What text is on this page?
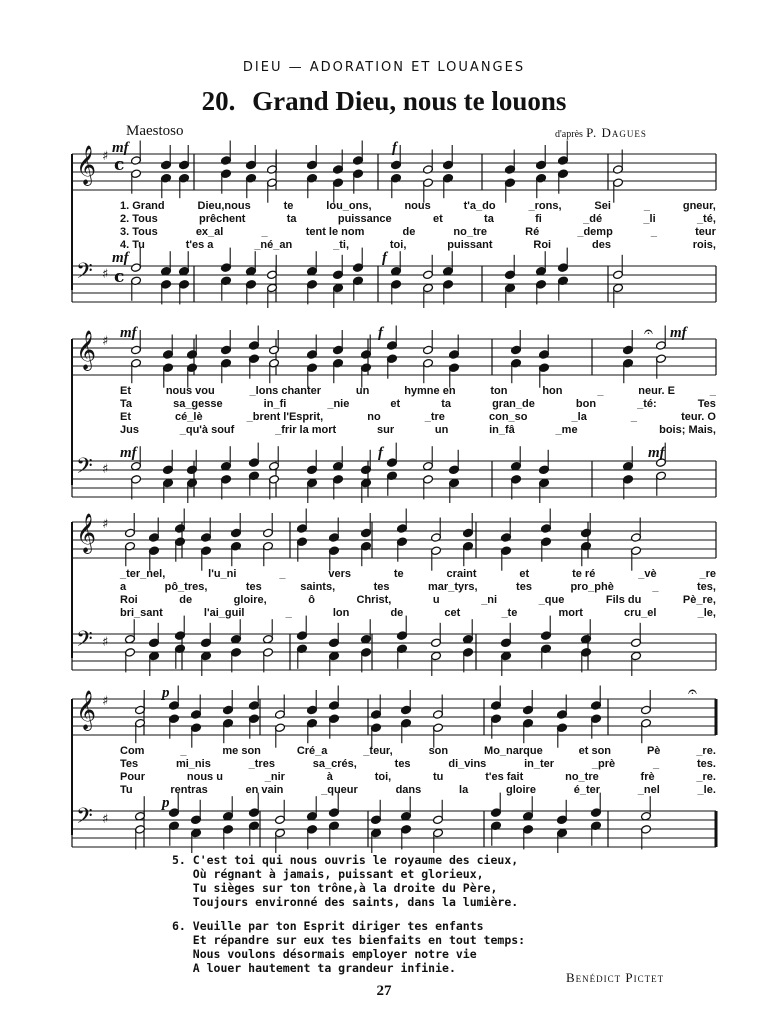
DIEU — ADORATION ET LOUANGES
20. Grand Dieu, nous te louons
Maestoso	d'après P. Dagues
𝄞 ♯ c
𝄢 ♯ c
mf	f
mf	f
1. Grand	Dieu,nous	te	lou_ons,	nous	t'a_do	_rons,	Sei	_	gneur,
2. Tous	prêchent	ta	puissance	et	ta	fi	_dé	_li	_té,
3. Tous	ex_al	_	tent le nom	de	no_tre	Ré	_demp	_	teur
4. Tu	t'es a	_né_an	_ti,	toi,	puissant	Roi	des	rois,
𝄞 ♯
𝄢 ♯
mf	f	mf
mf	f	mf
𝄐
Et	nous vou	_lons chanter	un	hymne en	ton	hon	_	neur. E	_
Ta	sa_gesse	in_fi	_nie	et	ta	gran_de	bon	_té:	Tes
Et	cé_lè	_brent l'Esprit,	no	_tre	con_so	_la	_	teur. O
Jus	_qu'à souf	_frir la mort	sur	un	in_fâ	_me	bois; Mais,
𝄞 ♯
𝄢 ♯
_ter_nel,	l'u_ni	_	vers	te	craint	et	te ré	_vè	_re
a	pô_tres,	tes	saints,	tes	mar_tyrs,	tes	pro_phè	_	tes,
Roi	de	gloire,	ô	Christ,	u	_ni	_que	Fils du	Pè_re,
bri_sant	l'ai_guil	_	lon	de	cet	_te	mort	cru_el	_le,
𝄞 ♯
𝄢 ♯
p
p
𝄐
Com	_	me son	Cré_a	_teur,	son	Mo_narque	et son	Pè	_re.
Tes	mi_nis	_tres	sa_crés,	tes	di_vins	in_ter	_prè	_	tes.
Pour	nous u	_nir	à	toi,	tu	t'es fait	no_tre	frè	_re.
Tu	rentras	en vain	_queur	dans	la	gloire	é_ter	_nel	_le.
5. C'est toi qui nous ouvris le royaume des cieux,
Où régnant à jamais, puissant et glorieux,
Tu sièges sur ton trône,à la droite du Père,
Toujours environné des saints, dans la lumière.
6. Veuille par ton Esprit diriger tes enfants
Et répandre sur eux tes bienfaits en tout temps:
Nous voulons désormais employer notre vie
A louer hautement ta grandeur infinie.
Benédict Pictet
27
